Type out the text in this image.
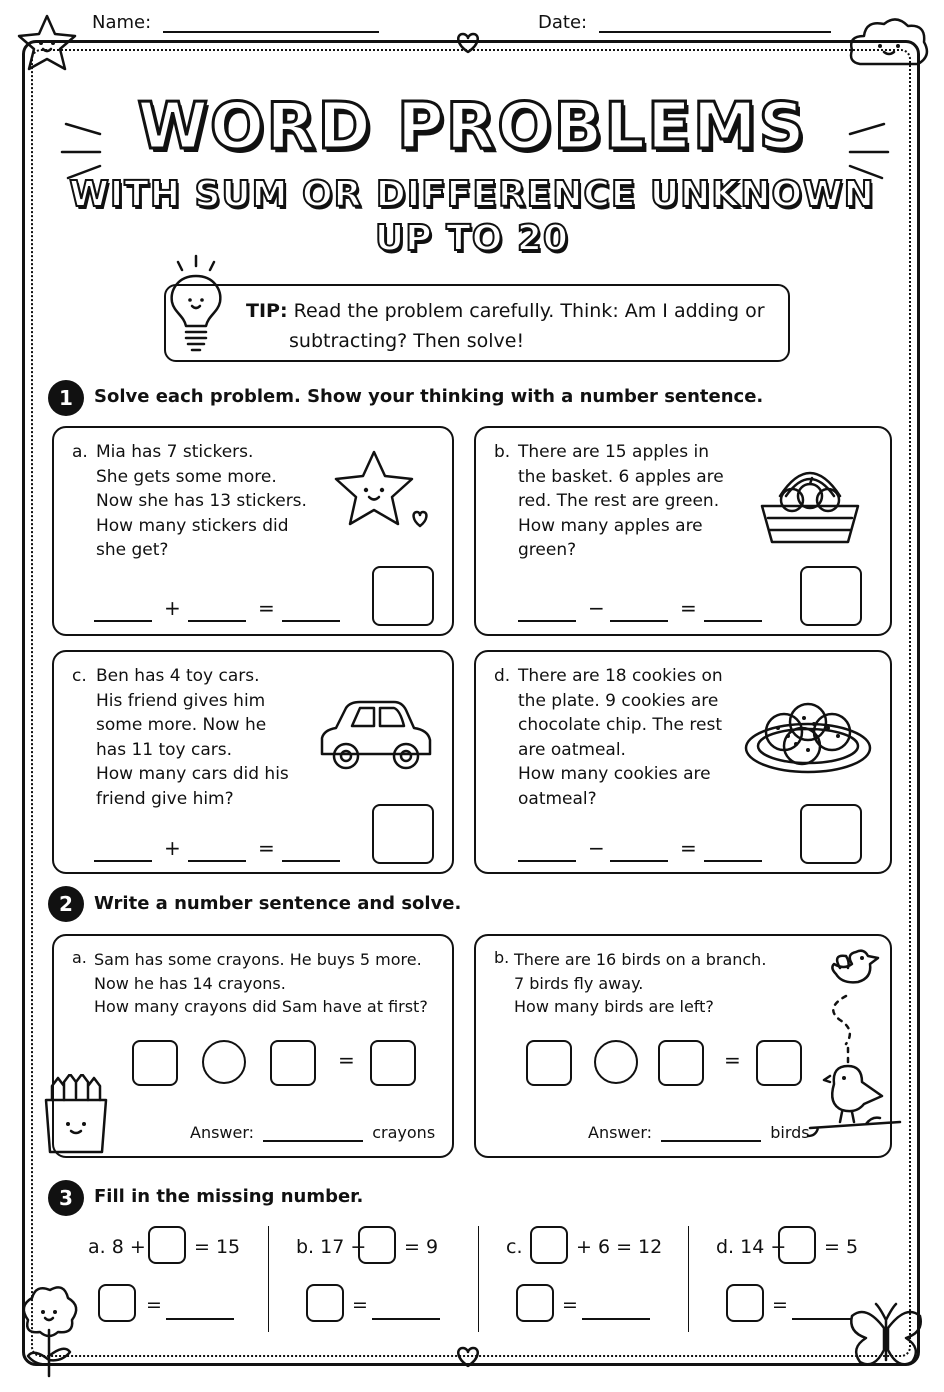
Name:	Date:
WORD PROBLEMS
WITH SUM OR DIFFERENCE UNKNOWN
UP TO 20
TIP: Read the problem carefully. Think: Am I adding or
subtracting? Then solve!
1	Solve each problem. Show your thinking with a number sentence.
a. Mia has 7 stickers.
She gets some more.
Now she has 13 stickers.
How many stickers did
she get?
+	=
b. There are 15 apples in
the basket. 6 apples are
red. The rest are green.
How many apples are
green?
−	=
c. Ben has 4 toy cars.
His friend gives him
some more. Now he
has 11 toy cars.
How many cars did his
friend give him?
+	=
d. There are 18 cookies on
the plate. 9 cookies are
chocolate chip. The rest
are oatmeal.
How many cookies are
oatmeal?
−	=
2	Write a number sentence and solve.
a. Sam has some crayons. He buys 5 more.
Now he has 14 crayons.
How many crayons did Sam have at first?
=
Answer:	crayons
b. There are 16 birds on a branch.
7 birds fly away.
How many birds are left?
=
Answer:	birds
3	Fill in the missing number.
a. 8 +	= 15
=
b. 17 − = 9
=
c.	+ 6 = 12
=
d. 14 − = 5
=
